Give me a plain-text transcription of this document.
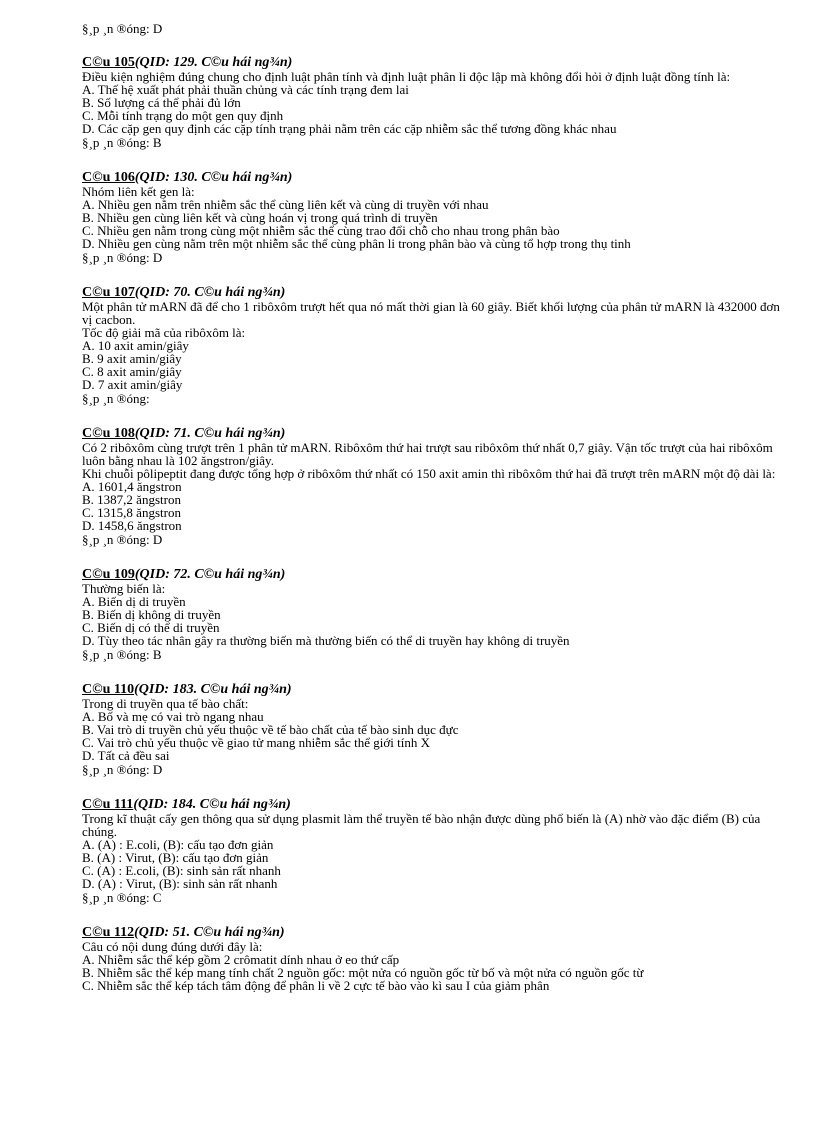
§¸p ¸n ®óng: D
C©u 105(QID: 129. C©u hái ng¾n)
Điều kiện nghiệm đúng chung cho định luật phân tính và định luật phân li độc lập mà không đổi hỏi ở định luật đồng tính là:
A. Thế hệ xuất phát phải thuần chủng và các tính trạng đem lai
B. Số lượng cá thể phải đủ lớn
C. Mỗi tính trạng do một gen quy định
D. Các cặp gen quy định các cặp tính trạng phải nằm trên các cặp nhiễm sắc thể tương đồng khác nhau
§¸p ¸n ®óng: B
C©u 106(QID: 130. C©u hái ng¾n)
Nhóm liên kết gen là:
A. Nhiều gen nằm trên nhiễm sắc thể cùng liên kết và cùng di truyền với nhau
B. Nhiều gen cùng liên kết và cùng hoán vị trong quá trình di truyền
C. Nhiều gen nằm trong cùng một nhiễm sắc thể cùng trao đổi chỗ cho nhau trong phân bào
D. Nhiều gen cùng nằm trên một nhiễm sắc thể cùng phân li trong phân bào và cùng tổ hợp trong thụ tinh
§¸p ¸n ®óng: D
C©u 107(QID: 70. C©u hái ng¾n)
Một phân tử mARN đã để cho 1 ribôxôm trượt hết qua nó mất thời gian là 60 giây. Biết khối lượng của phân tử mARN là 432000 đơn vị cacbon.
Tốc độ giải mã của ribôxôm là:
A. 10 axit amin/giây
B. 9 axit amin/giây
C. 8 axit amin/giây
D. 7 axit amin/giây
§¸p ¸n ®óng:
C©u 108(QID: 71. C©u hái ng¾n)
Có 2 ribôxôm cùng trượt trên 1 phân tử mARN. Ribôxôm thứ hai trượt sau ribôxôm thứ nhất 0,7 giây. Vận tốc trượt của hai ribôxôm luôn bằng nhau là 102 ăngstron/giây.
Khi chuỗi pôlipeptit đang được tổng hợp ở ribôxôm thứ nhất có 150 axit amin thì ribôxôm thứ hai đã trượt trên mARN một độ dài là:
A. 1601,4 ăngstron
B. 1387,2 ăngstron
C. 1315,8 ăngstron
D. 1458,6 ăngstron
§¸p ¸n ®óng: D
C©u 109(QID: 72. C©u hái ng¾n)
Thường biến là:
A. Biến dị di truyền
B. Biến dị không di truyền
C. Biến dị có thể di truyền
D. Tùy theo tác nhân gây ra thường biến mà thường biến có thể di truyền hay không di truyền
§¸p ¸n ®óng: B
C©u 110(QID: 183. C©u hái ng¾n)
Trong di truyền qua tế bào chất:
A. Bố và mẹ có vai trò ngang nhau
B. Vai trò di truyền chủ yếu thuộc về tế bào chất của tế bào sinh dục đực
C. Vai trò chủ yếu thuộc về giao tử mang nhiễm sắc thể giới tính X
D. Tất cả đều sai
§¸p ¸n ®óng: D
C©u 111(QID: 184. C©u hái ng¾n)
Trong kĩ thuật cấy gen thông qua sử dụng plasmit làm thể truyền tế bào nhận được dùng phổ biến là (A) nhờ vào đặc điểm (B) của chúng.
A. (A) : E.coli, (B): cấu tạo đơn giản
B. (A) : Virut, (B): cấu tạo đơn giản
C. (A) : E.coli, (B): sinh sản rất nhanh
D. (A) : Virut, (B): sinh sản rất nhanh
§¸p ¸n ®óng: C
C©u 112(QID: 51. C©u hái ng¾n)
Câu có nội dung đúng dưới đây là:
A. Nhiễm sắc thể kép gồm 2 crômatit dính nhau ở eo thứ cấp
B. Nhiễm sắc thể kép mang tính chất 2 nguồn gốc: một nửa có nguồn gốc từ bố và một nửa có nguồn gốc từ
C. Nhiễm sắc thể kép tách tâm động để phân li về 2 cực tế bào vào kì sau I của giảm phân
